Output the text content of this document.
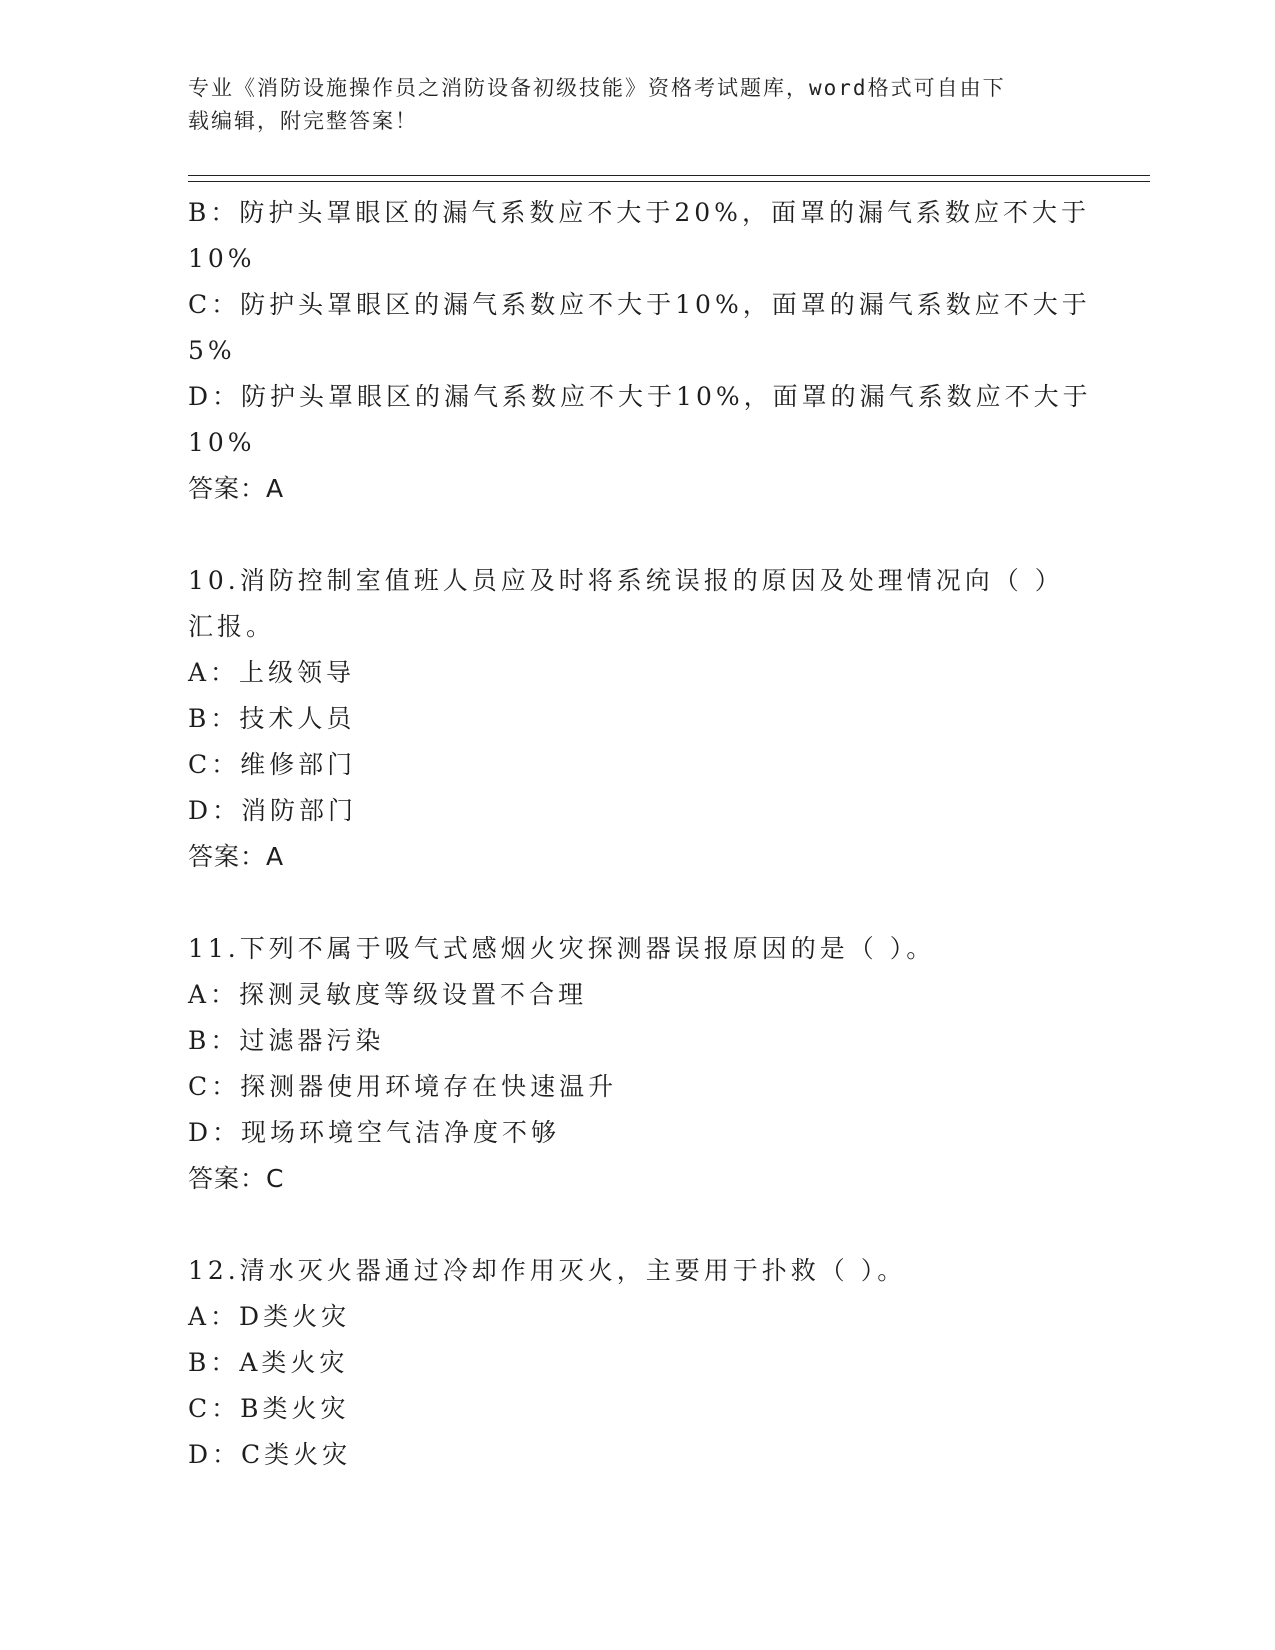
专业《消防设施操作员之消防设备初级技能》资格考试题库，word格式可自由下
载编辑，附完整答案！
B：防护头罩眼区的漏气系数应不大于20%，面罩的漏气系数应不大于
10%
C：防护头罩眼区的漏气系数应不大于10%，面罩的漏气系数应不大于
5%
D：防护头罩眼区的漏气系数应不大于10%，面罩的漏气系数应不大于
10%
答案：A
10.消防控制室值班人员应及时将系统误报的原因及处理情况向（ ）
汇报。
A：上级领导
B：技术人员
C：维修部门
D：消防部门
答案：A
11.下列不属于吸气式感烟火灾探测器误报原因的是（ ）。
A：探测灵敏度等级设置不合理
B：过滤器污染
C：探测器使用环境存在快速温升
D：现场环境空气洁净度不够
答案：C
12.清水灭火器通过冷却作用灭火，主要用于扑救（ ）。
A：D类火灾
B：A类火灾
C：B类火灾
D：C类火灾
